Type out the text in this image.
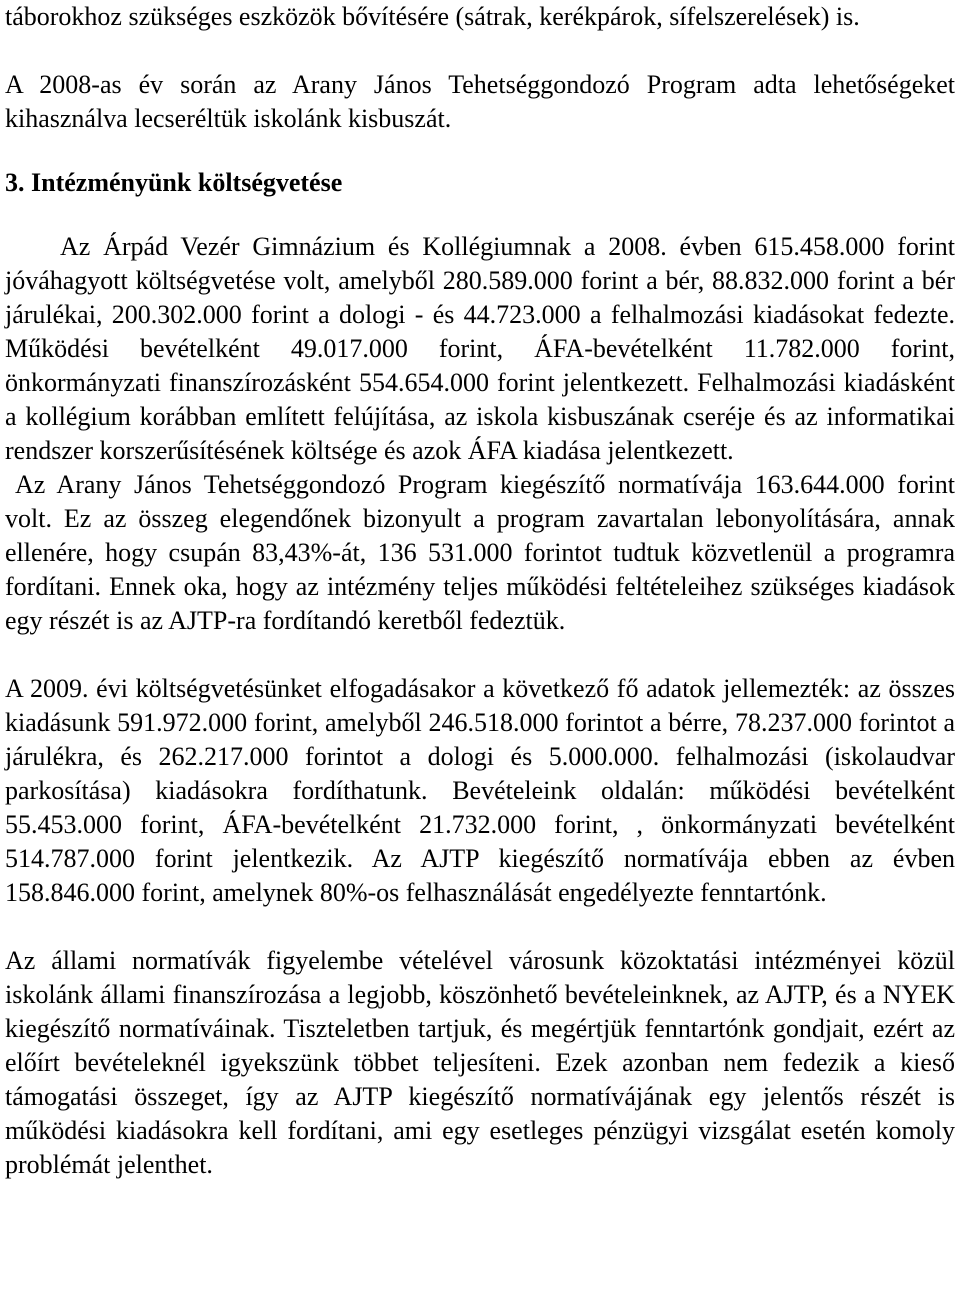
táborokhoz szükséges eszközök bővítésére (sátrak, kerékpárok, sífelszerelések) is.

A 2008-as év során az Arany János Tehetséggondozó Program adta lehetőségeket kihasználva lecseréltük iskolánk kisbuszát.

3. Intézményünk költségvetése

Az Árpád Vezér Gimnázium és Kollégiumnak a 2008. évben 615.458.000 forint jóváhagyott költségvetése volt, amelyből 280.589.000 forint a bér, 88.832.000 forint a bér járulékai, 200.302.000 forint a dologi - és 44.723.000 a felhalmozási kiadásokat fedezte. Működési bevételként 49.017.000 forint, ÁFA-bevételként 11.782.000 forint, önkormányzati finanszírozásként 554.654.000 forint jelentkezett. Felhalmozási kiadásként a kollégium korábban említett felújítása, az iskola kisbuszának cseréje és az informatikai rendszer korszerűsítésének költsége és azok ÁFA kiadása jelentkezett.

Az Arany János Tehetséggondozó Program kiegészítő normatívája 163.644.000 forint volt. Ez az összeg elegendőnek bizonyult a program zavartalan lebonyolítására, annak ellenére, hogy csupán 83,43%-át, 136 531.000 forintot tudtuk közvetlenül a programra fordítani. Ennek oka, hogy az intézmény teljes működési feltételeihez szükséges kiadások egy részét is az AJTP-ra fordítandó keretből fedeztük.

A 2009. évi költségvetésünket elfogadásakor a következő fő adatok jellemezték: az összes kiadásunk 591.972.000 forint, amelyből 246.518.000 forintot a bérre, 78.237.000 forintot a járulékra, és 262.217.000 forintot a dologi és 5.000.000. felhalmozási (iskolaudvar parkosítása) kiadásokra fordíthatunk. Bevételeink oldalán: működési bevételként 55.453.000 forint, ÁFA-bevételként 21.732.000 forint, , önkormányzati bevételként 514.787.000 forint jelentkezik. Az AJTP kiegészítő normatívája ebben az évben 158.846.000 forint, amelynek 80%-os felhasználását engedélyezte fenntartónk.

Az állami normatívák figyelembe vételével városunk közoktatási intézményei közül iskolánk állami finanszírozása a legjobb, köszönhető bevételeinknek, az AJTP, és a NYEK kiegészítő normatíváinak. Tiszteletben tartjuk, és megértjük fenntartónk gondjait, ezért az előírt bevételeknél igyekszünk többet teljesíteni. Ezek azonban nem fedezik a kieső támogatási összeget, így az AJTP kiegészítő normatívájának egy jelentős részét is működési kiadásokra kell fordítani, ami egy esetleges pénzügyi vizsgálat esetén komoly problémát jelenthet.
